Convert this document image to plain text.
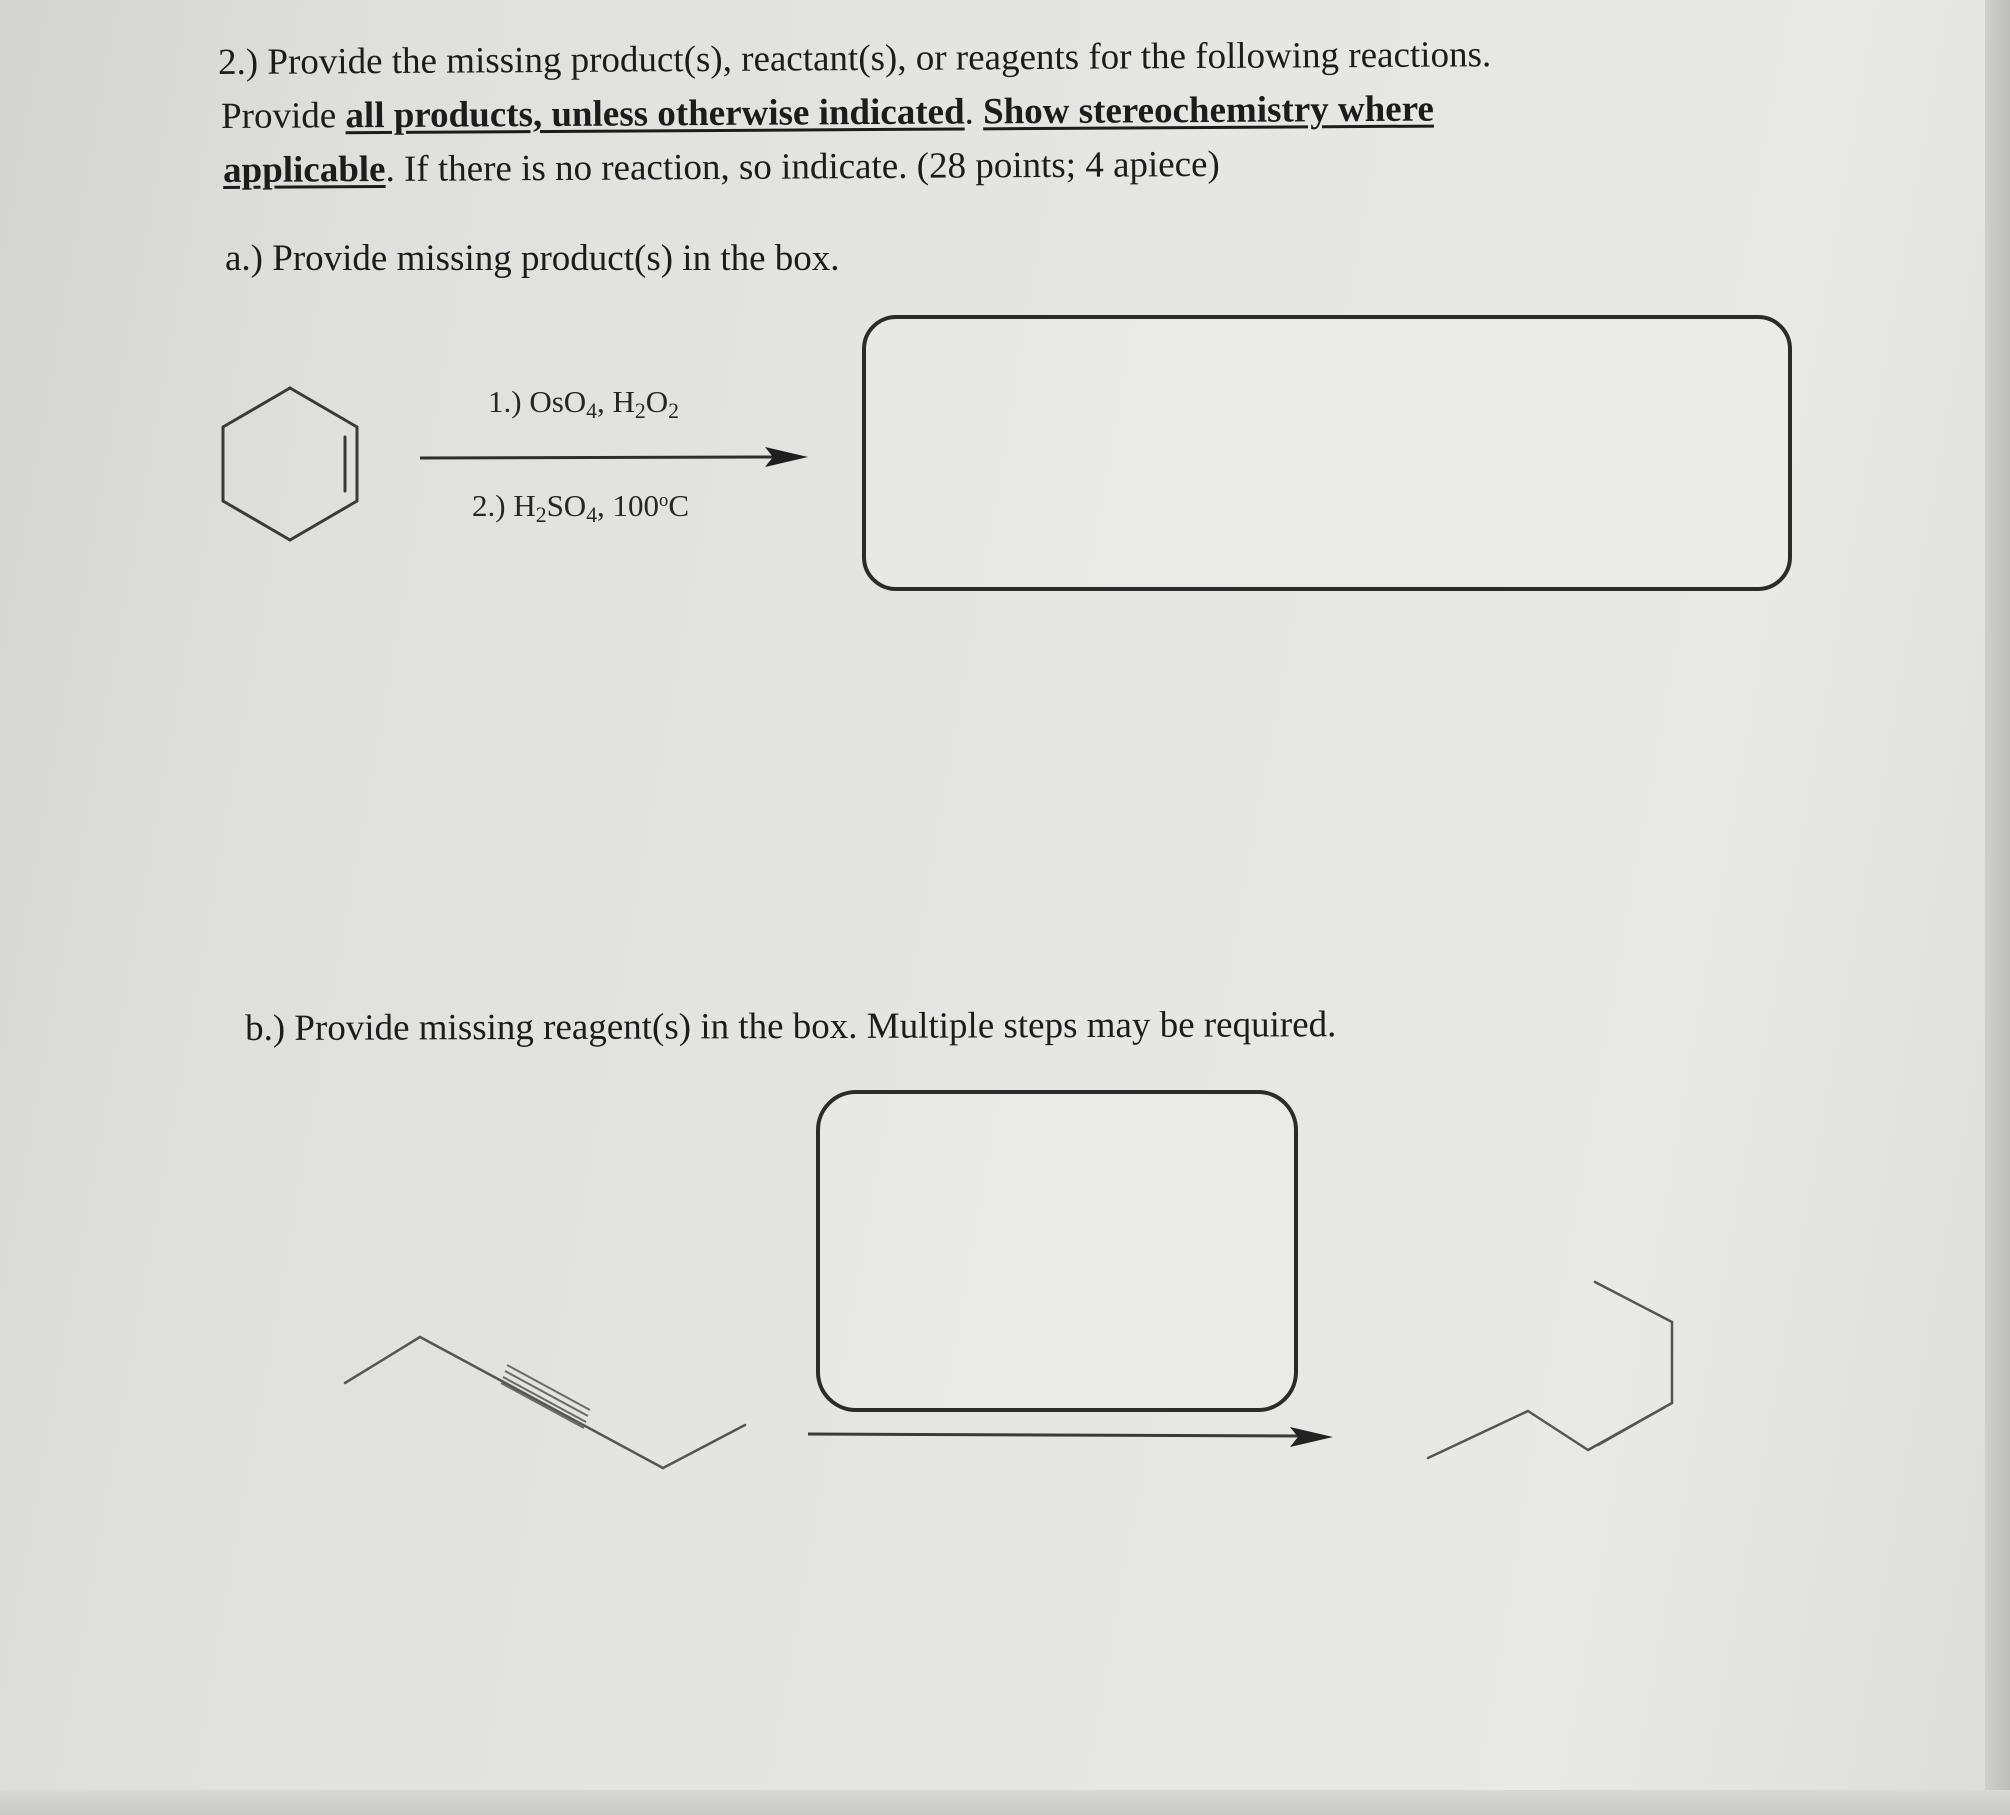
2.) Provide the missing product(s), reactant(s), or reagents for the following reactions.
Provide all products, unless otherwise indicated. Show stereochemistry where
applicable. If there is no reaction, so indicate. (28 points; 4 apiece)
a.) Provide missing product(s) in the box.
1.) OsO$_4$, $H_2O_2$
2.) $H_2SO_4$, 100$^o$C
b.) Provide missing reagent(s) in the box. Multiple steps may be required.
